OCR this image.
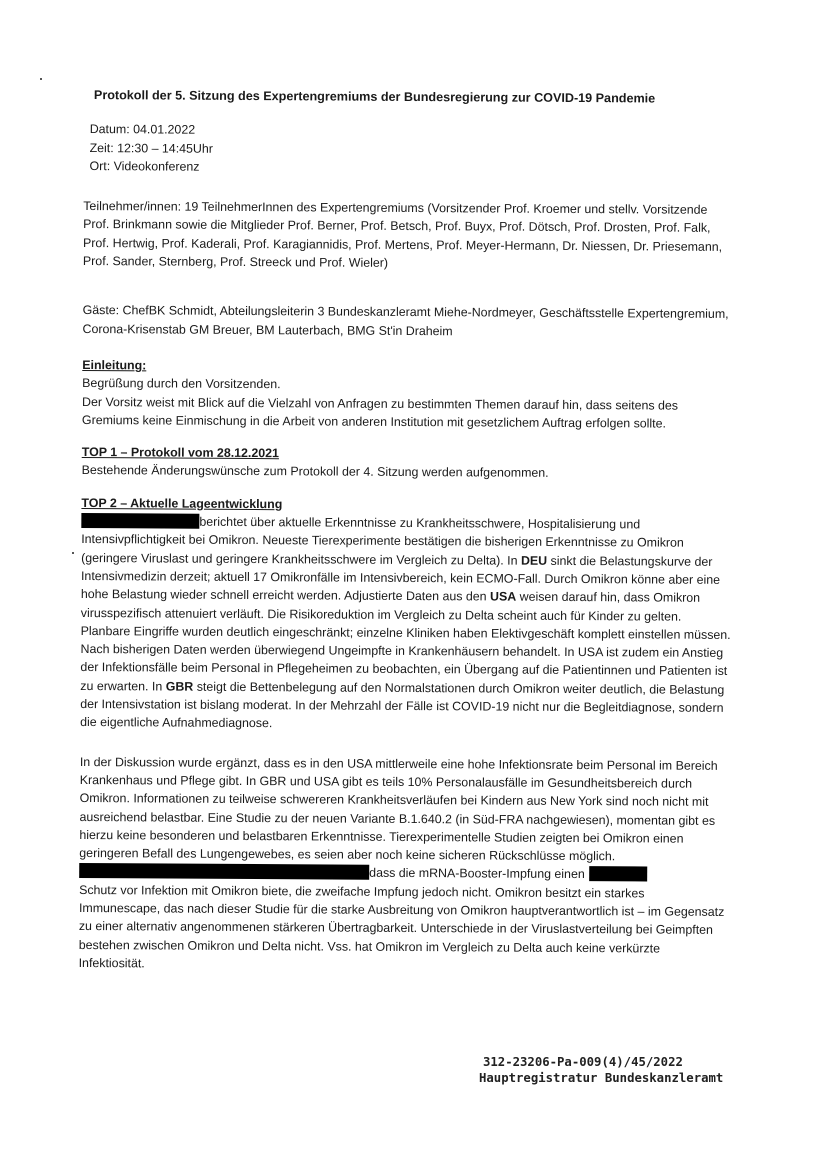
Protokoll der 5. Sitzung des Expertengremiums der Bundesregierung zur COVID-19 Pandemie
Datum: 04.01.2022
Zeit: 12:30 – 14:45Uhr
Ort: Videokonferenz

Teilnehmer/innen: 19 TeilnehmerInnen des Expertengremiums (Vorsitzender Prof. Kroemer und stellv. Vorsitzende Prof. Brinkmann sowie die Mitglieder Prof. Berner, Prof. Betsch, Prof. Buyx, Prof. Dötsch, Prof. Drosten, Prof. Falk, Prof. Hertwig, Prof. Kaderali, Prof. Karagiannidis, Prof. Mertens, Prof. Meyer-Hermann, Dr. Niessen, Dr. Priesemann, Prof. Sander, Sternberg, Prof. Streeck und Prof. Wieler)

Gäste: ChefBK Schmidt, Abteilungsleiterin 3 Bundeskanzleramt Miehe-Nordmeyer, Geschäftsstelle Expertengremium, Corona-Krisenstab GM Breuer, BM Lauterbach, BMG St'in Draheim

Einleitung:
Begrüßung durch den Vorsitzenden.

Der Vorsitz weist mit Blick auf die Vielzahl von Anfragen zu bestimmten Themen darauf hin, dass seitens des Gremiums keine Einmischung in die Arbeit von anderen Institution mit gesetzlichem Auftrag erfolgen sollte.

TOP 1 – Protokoll vom 28.12.2021

Bestehende Änderungswünsche zum Protokoll der 4. Sitzung werden aufgenommen.

TOP 2 – Aktuelle Lageentwicklung

berichtet über aktuelle Erkenntnisse zu Krankheitsschwere, Hospitalisierung und Intensivpflichtigkeit bei Omikron. Neueste Tierexperimente bestätigen die bisherigen Erkenntnisse zu Omikron (geringere Viruslast und geringere Krankheitsschwere im Vergleich zu Delta). In DEU sinkt die Belastungskurve der Intensivmedizin derzeit; aktuell 17 Omikronfälle im Intensivbereich, kein ECMO-Fall. Durch Omikron könne aber eine hohe Belastung wieder schnell erreicht werden. Adjustierte Daten aus den USA weisen darauf hin, dass Omikron virusspezifisch attenuiert verläuft. Die Risikoreduktion im Vergleich zu Delta scheint auch für Kinder zu gelten. Planbare Eingriffe wurden deutlich eingeschränkt; einzelne Kliniken haben Elektivgeschäft komplett einstellen müssen. Nach bisherigen Daten werden überwiegend Ungeimpfte in Krankenhäusern behandelt. In USA ist zudem ein Anstieg der Infektionsfälle beim Personal in Pflegeheimen zu beobachten, ein Übergang auf die Patientinnen und Patienten ist zu erwarten. In GBR steigt die Bettenbelegung auf den Normalstationen durch Omikron weiter deutlich, die Belastung der Intensivstation ist bislang moderat. In der Mehrzahl der Fälle ist COVID-19 nicht nur die Begleitdiagnose, sondern die eigentliche Aufnahmediagnose.

In der Diskussion wurde ergänzt, dass es in den USA mittlerweile eine hohe Infektionsrate beim Personal im Bereich Krankenhaus und Pflege gibt. In GBR und USA gibt es teils 10% Personalausfälle im Gesundheitsbereich durch Omikron. Informationen zu teilweise schwereren Krankheitsverläufen bei Kindern aus New York sind noch nicht mit ausreichend belastbar. Eine Studie zu der neuen Variante B.1.640.2 (in Süd-FRA nachgewiesen), momentan gibt es hierzu keine besonderen und belastbaren Erkenntnisse. Tierexperimentelle Studien zeigten bei Omikron einen geringeren Befall des Lungengewebes, es seien aber noch keine sicheren Rückschlüsse möglich.

dass die mRNA-Booster-Impfung einen
Schutz vor Infektion mit Omikron biete, die zweifache Impfung jedoch nicht. Omikron besitzt ein starkes Immunescape, das nach dieser Studie für die starke Ausbreitung von Omikron hauptverantwortlich ist – im Gegensatz zu einer alternativ angenommenen stärkeren Übertragbarkeit. Unterschiede in der Viruslastverteilung bei Geimpften bestehen zwischen Omikron und Delta nicht. Vss. hat Omikron im Vergleich zu Delta auch keine verkürzte Infektiosität.

312-23206-Pa-009(4)/45/2022
Hauptregistratur Bundeskanzleramt
